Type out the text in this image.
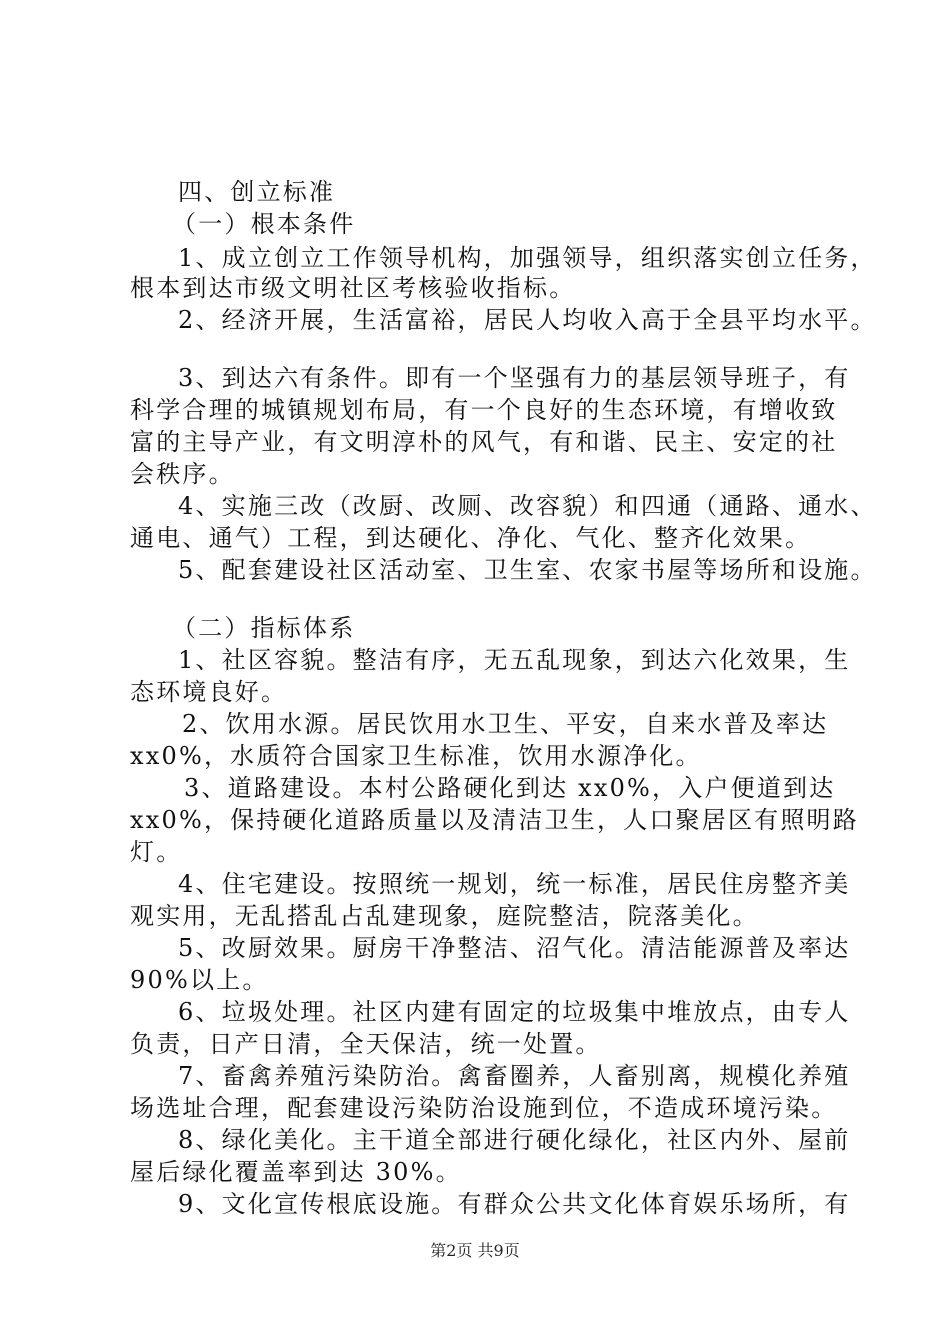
四、创立标准
（一）根本条件
1、成立创立工作领导机构，加强领导，组织落实创立任务，
根本到达市级文明社区考核验收指标。
2、经济开展，生活富裕，居民人均收入高于全县平均水平。
3、到达六有条件。即有一个坚强有力的基层领导班子，有
科学合理的城镇规划布局，有一个良好的生态环境，有增收致
富的主导产业，有文明淳朴的风气，有和谐、民主、安定的社
会秩序。
4、实施三改（改厨、改厕、改容貌）和四通（通路、通水、
通电、通气）工程，到达硬化、净化、气化、整齐化效果。
5、配套建设社区活动室、卫生室、农家书屋等场所和设施。
（二）指标体系
1、社区容貌。整洁有序，无五乱现象，到达六化效果，生
态环境良好。
2、饮用水源。居民饮用水卫生、平安，自来水普及率达
xx0%，水质符合国家卫生标准，饮用水源净化。
3、道路建设。本村公路硬化到达 xx0%，入户便道到达
xx0%，保持硬化道路质量以及清洁卫生，人口聚居区有照明路
灯。
4、住宅建设。按照统一规划，统一标准，居民住房整齐美
观实用，无乱搭乱占乱建现象，庭院整洁，院落美化。
5、改厨效果。厨房干净整洁、沼气化。清洁能源普及率达
90%以上。
6、垃圾处理。社区内建有固定的垃圾集中堆放点，由专人
负责，日产日清，全天保洁，统一处置。
7、畜禽养殖污染防治。禽畜圈养，人畜别离，规模化养殖
场选址合理，配套建设污染防治设施到位，不造成环境污染。
8、绿化美化。主干道全部进行硬化绿化，社区内外、屋前
屋后绿化覆盖率到达 30%。
9、文化宣传根底设施。有群众公共文化体育娱乐场所，有
第2页 共9页
